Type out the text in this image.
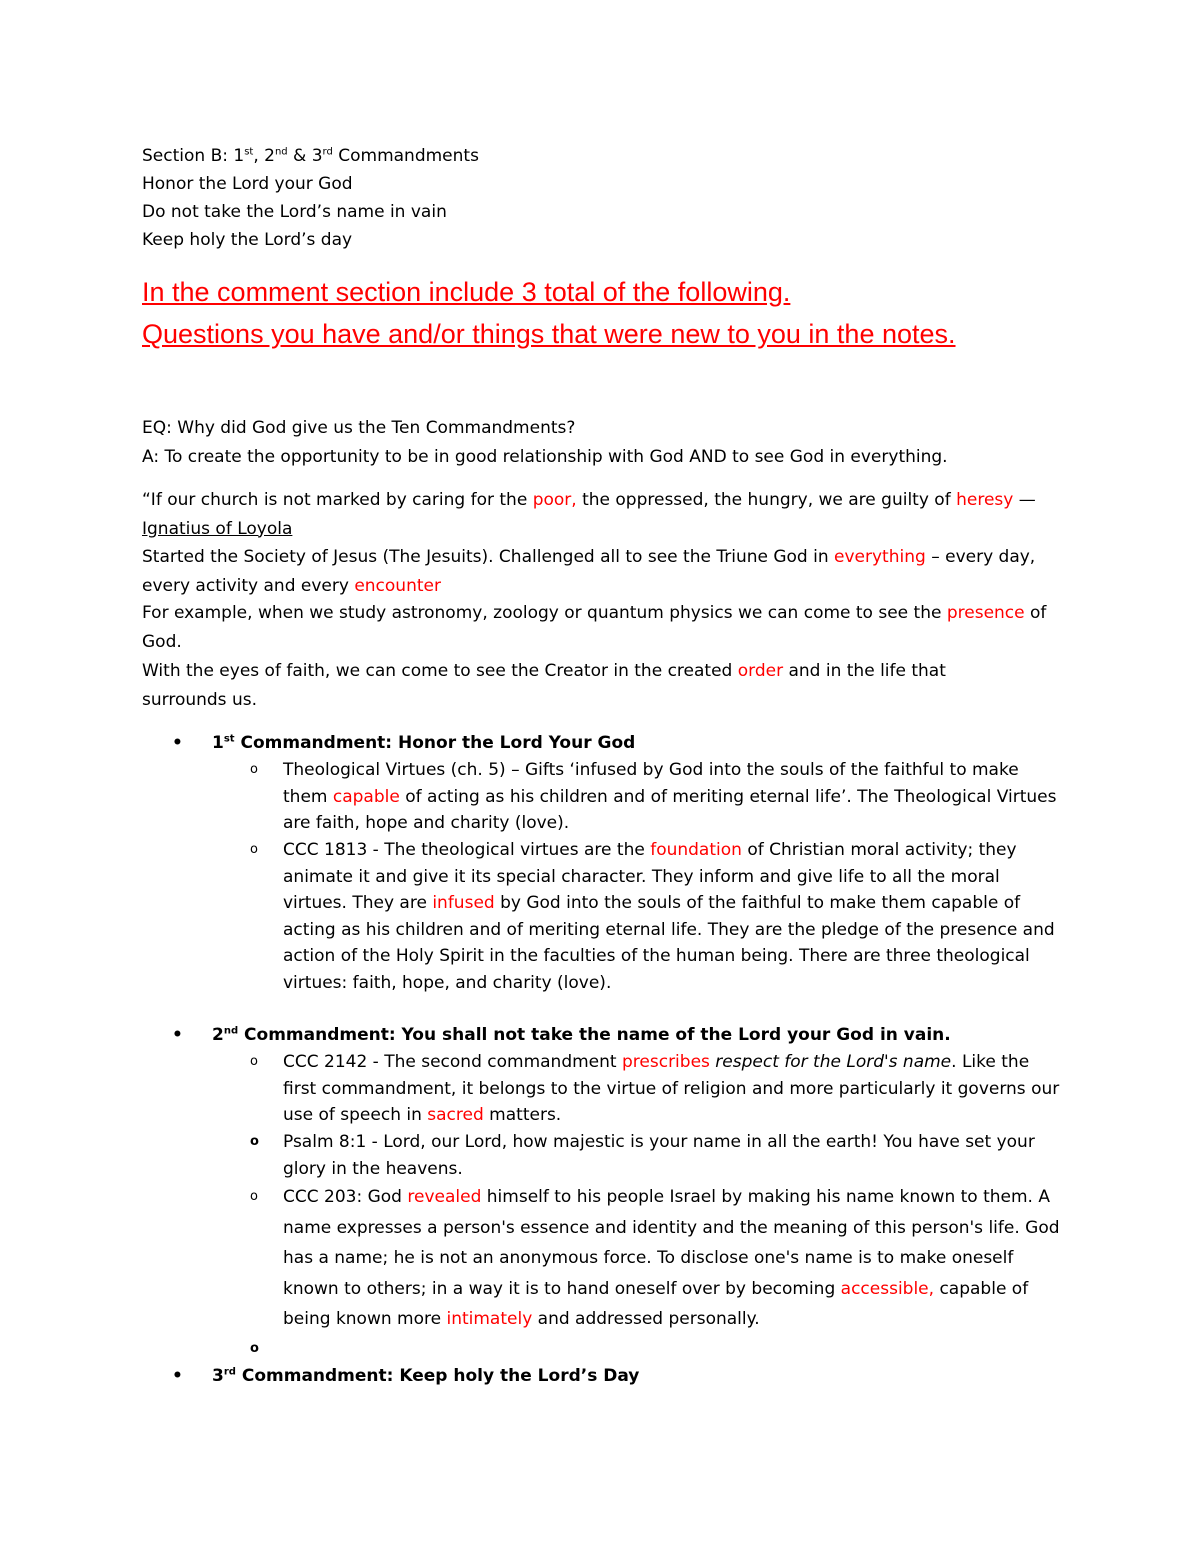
Section B: 1st, 2nd & 3rd Commandments

Honor the Lord your God

Do not take the Lord’s name in vain

Keep holy the Lord’s day

In the comment section include 3 total of the following.

Questions you have and/or things that were new to you in the notes.

EQ: Why did God give us the Ten Commandments?

A: To create the opportunity to be in good relationship with God AND to see God in everything.

“If our church is not marked by caring for the poor, the oppressed, the hungry, we are guilty of heresy —
Ignatius of Loyola

Started the Society of Jesus (The Jesuits). Challenged all to see the Triune God in everything – every day, every activity and every encounter

For example, when we study astronomy, zoology or quantum physics we can come to see the presence of God.

With the eyes of faith, we can come to see the Creator in the created order and in the life that surrounds us.

• 1st Commandment: Honor the Lord Your God
o Theological Virtues (ch. 5) – Gifts ‘infused by God into the souls of the faithful to make them capable of acting as his children and of meriting eternal life’. The Theological Virtues are faith, hope and charity (love).
o CCC 1813 - The theological virtues are the foundation of Christian moral activity; they animate it and give it its special character. They inform and give life to all the moral virtues. They are infused by God into the souls of the faithful to make them capable of acting as his children and of meriting eternal life. They are the pledge of the presence and action of the Holy Spirit in the faculties of the human being. There are three theological virtues: faith, hope, and charity (love).
• 2nd Commandment: You shall not take the name of the Lord your God in vain.
o CCC 2142 - The second commandment prescribes respect for the Lord's name. Like the first commandment, it belongs to the virtue of religion and more particularly it governs our use of speech in sacred matters.
o Psalm 8:1 - Lord, our Lord, how majestic is your name in all the earth! You have set your glory in the heavens.
o CCC 203: God revealed himself to his people Israel by making his name known to them. A name expresses a person's essence and identity and the meaning of this person's life. God has a name; he is not an anonymous force. To disclose one's name is to make oneself known to others; in a way it is to hand oneself over by becoming accessible, capable of being known more intimately and addressed personally.
o
• 3rd Commandment: Keep holy the Lord’s Day
